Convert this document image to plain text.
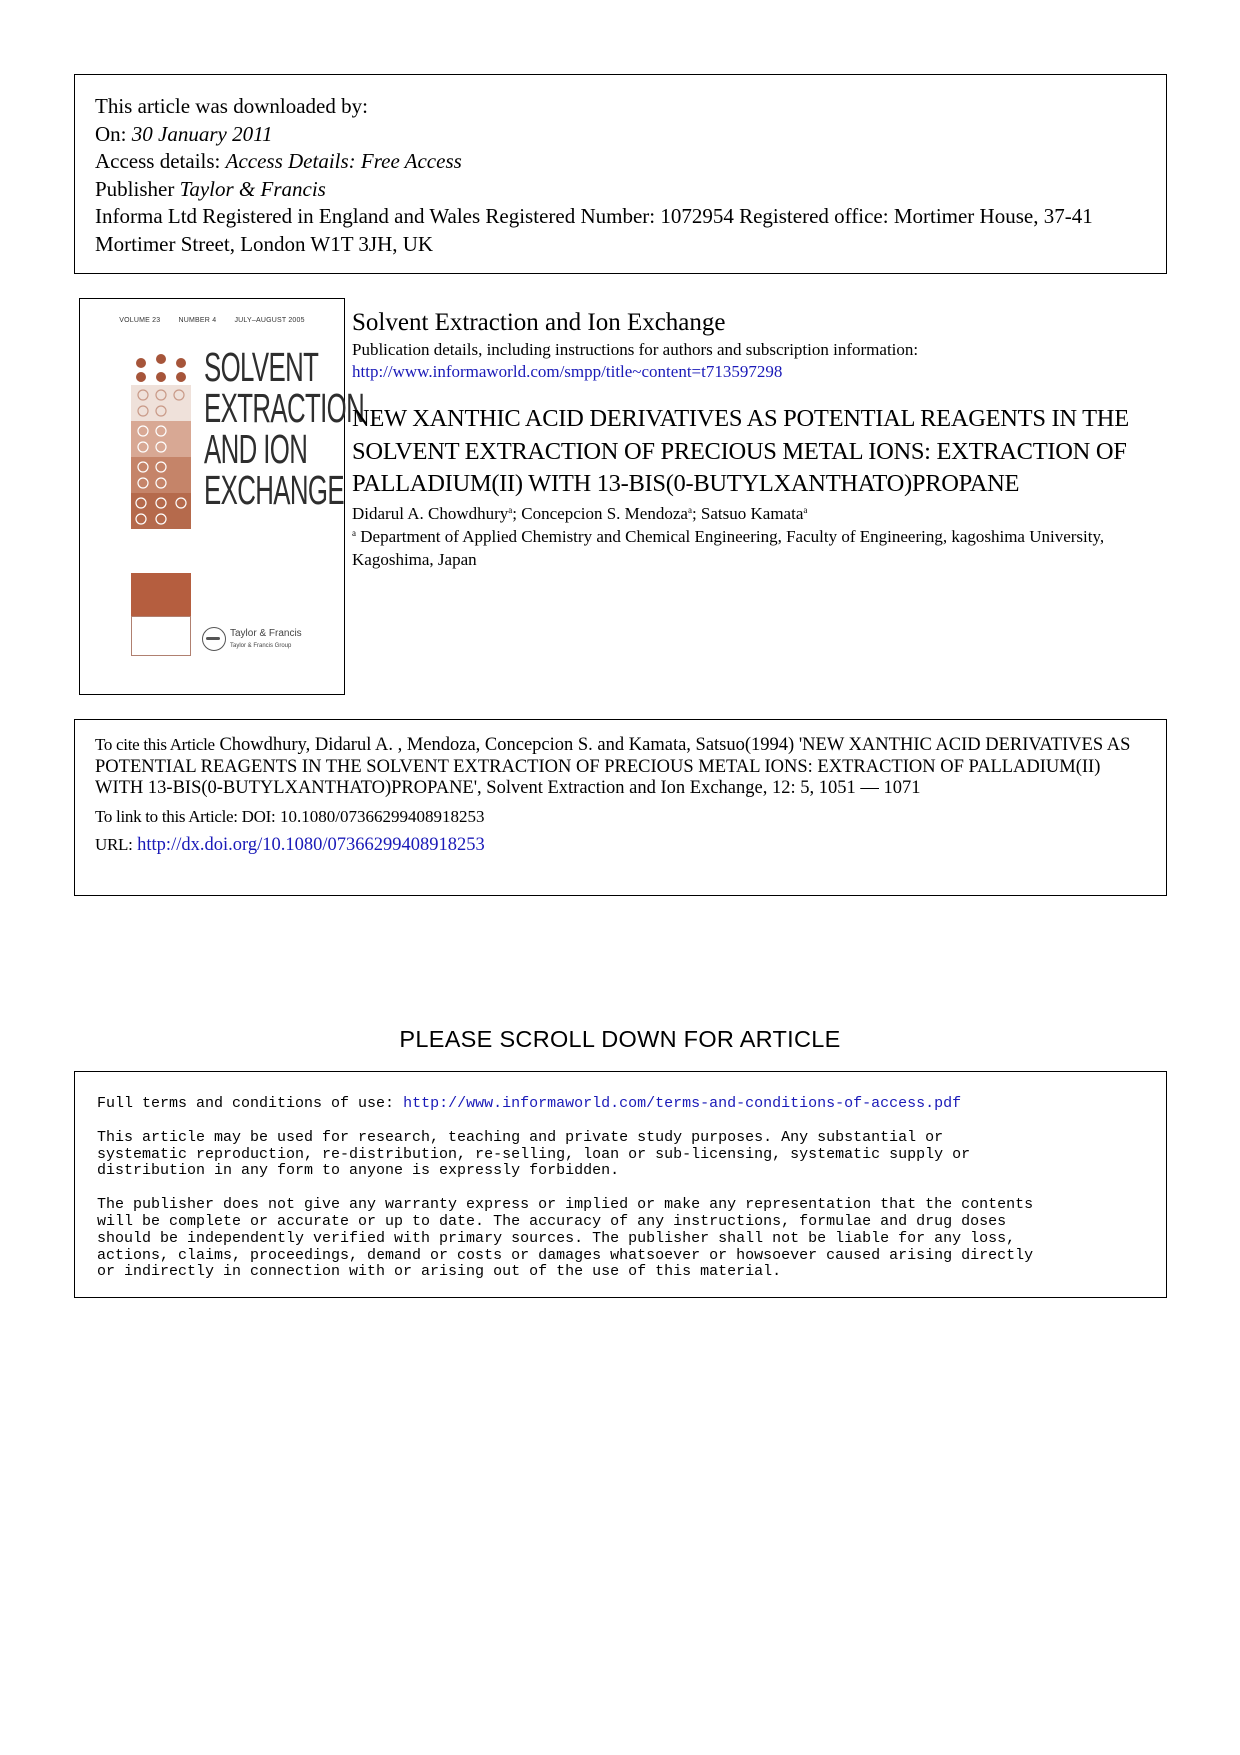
This article was downloaded by:
On: 30 January 2011
Access details: Access Details: Free Access
Publisher Taylor & Francis
Informa Ltd Registered in England and Wales Registered Number: 1072954 Registered office: Mortimer House, 37-41 Mortimer Street, London W1T 3JH, UK
VOLUME 23	NUMBER 4	JULY–AUGUST 2005
SOLVENT
EXTRACTION
AND ION
EXCHANGE
Taylor & Francis
Taylor & Francis Group
Solvent Extraction and Ion Exchange
Publication details, including instructions for authors and subscription information:
http://www.informaworld.com/smpp/title~content=t713597298
NEW XANTHIC ACID DERIVATIVES AS POTENTIAL REAGENTS IN THE SOLVENT EXTRACTION OF PRECIOUS METAL IONS: EXTRACTION OF PALLADIUM(II) WITH 13-BIS(0-BUTYLXANTHATO)PROPANE
Didarul A. Chowdhury$^a$; Concepcion S. Mendoza$^a$; Satsuo Kamata$^a$
$^a$ Department of Applied Chemistry and Chemical Engineering, Faculty of Engineering, kagoshima University, Kagoshima, Japan
To cite this Article Chowdhury, Didarul A. , Mendoza, Concepcion S. and Kamata, Satsuo(1994) 'NEW XANTHIC ACID DERIVATIVES AS POTENTIAL REAGENTS IN THE SOLVENT EXTRACTION OF PRECIOUS METAL IONS: EXTRACTION OF PALLADIUM(II) WITH 13-BIS(0-BUTYLXANTHATO)PROPANE', Solvent Extraction and Ion Exchange, 12: 5, 1051 — 1071
To link to this Article: DOI: 10.1080/07366299408918253
URL: http://dx.doi.org/10.1080/07366299408918253
PLEASE SCROLL DOWN FOR ARTICLE

Full terms and conditions of use: http://www.informaworld.com/terms-and-conditions-of-access.pdf

This article may be used for research, teaching and private study purposes. Any substantial or
systematic reproduction, re-distribution, re-selling, loan or sub-licensing, systematic supply or
distribution in any form to anyone is expressly forbidden.

The publisher does not give any warranty express or implied or make any representation that the contents
will be complete or accurate or up to date. The accuracy of any instructions, formulae and drug doses
should be independently verified with primary sources. The publisher shall not be liable for any loss,
actions, claims, proceedings, demand or costs or damages whatsoever or howsoever caused arising directly
or indirectly in connection with or arising out of the use of this material.
